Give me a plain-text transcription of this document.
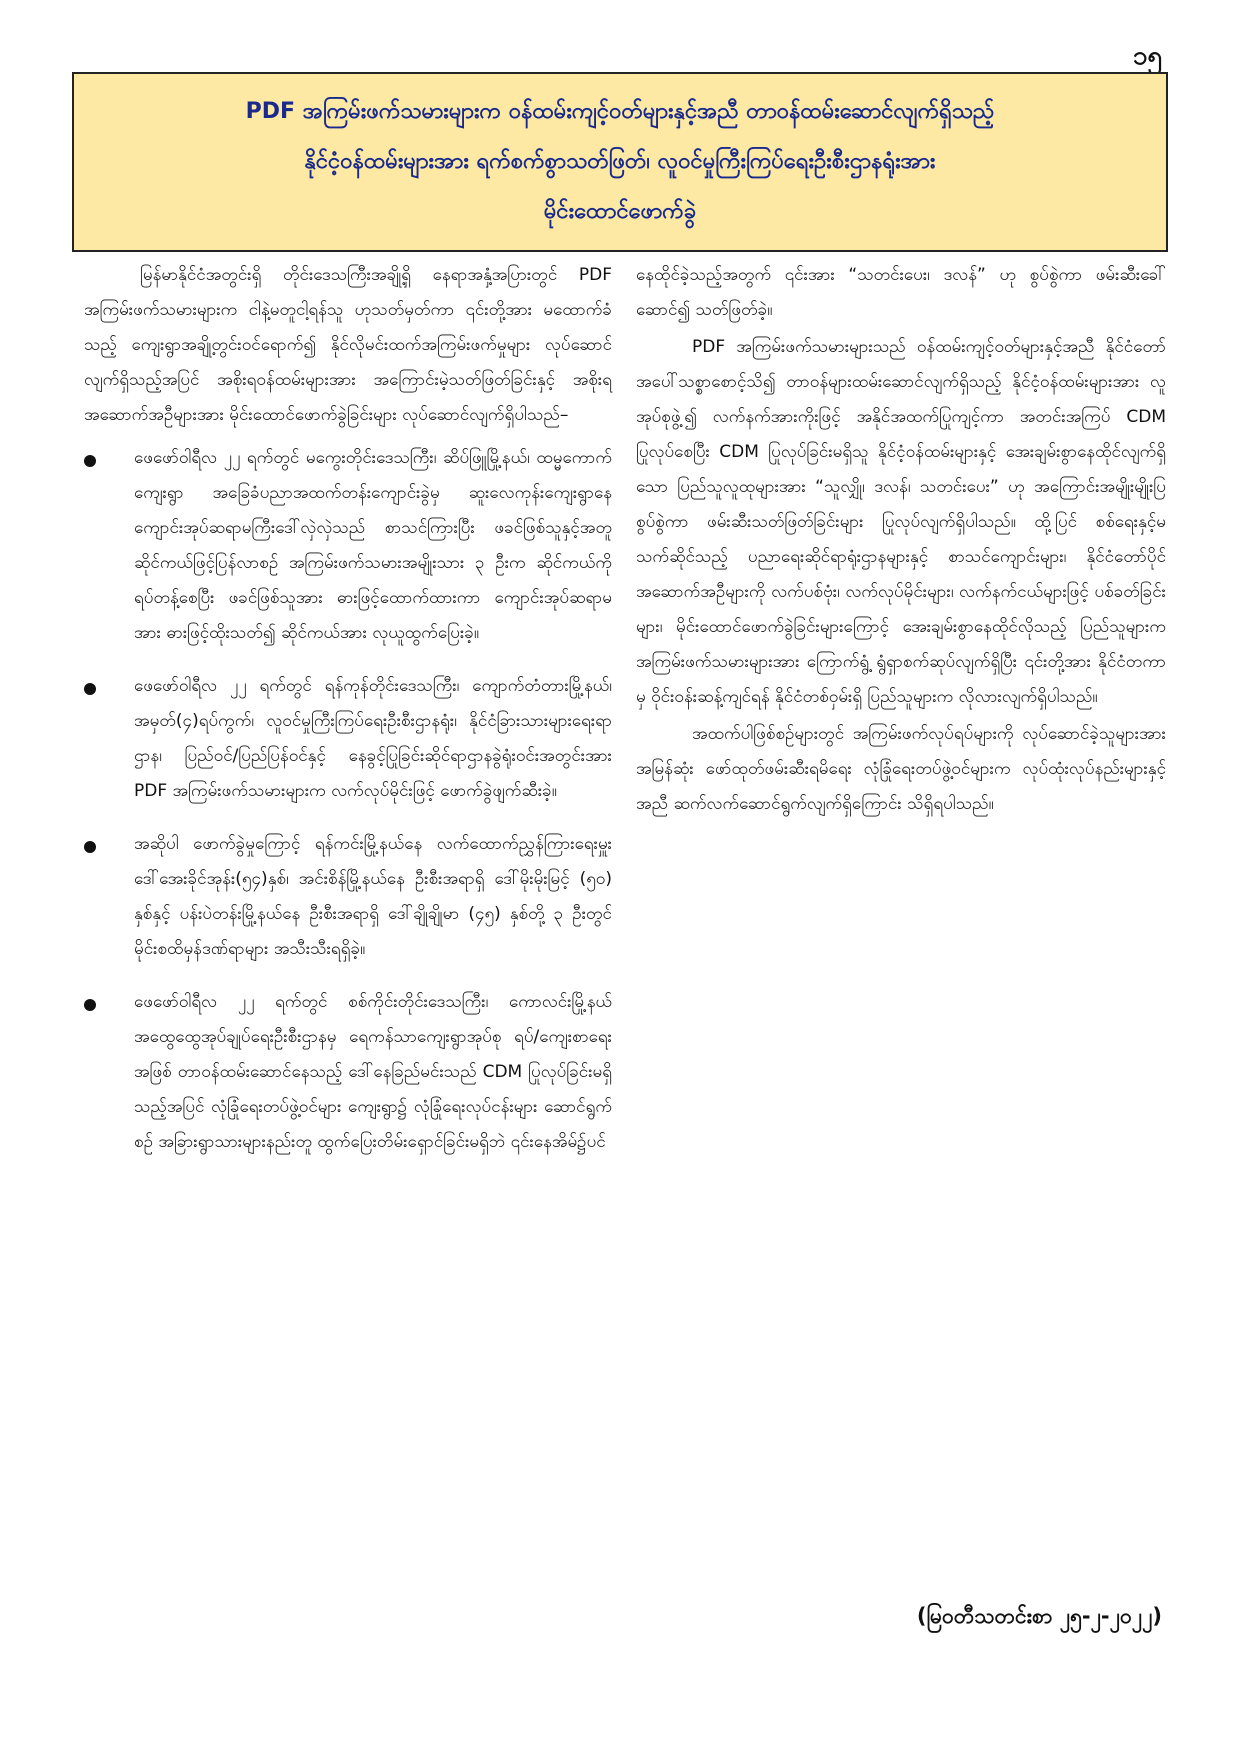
၁၅
PDF အကြမ်းဖက်သမားများက ဝန်ထမ်းကျင့်ဝတ်များနှင့်အညီ တာဝန်ထမ်းဆောင်လျက်ရှိသည့်
နိုင်ငံ့ဝန်ထမ်းများအား ရက်စက်စွာသတ်ဖြတ်၊ လူဝင်မှုကြီးကြပ်ရေးဦးစီးဌာနရုံးအား
မိုင်းထောင်ဖောက်ခွဲ

မြန်မာနိုင်ငံအတွင်းရှိ တိုင်းဒေသကြီးအချို့ရှိ နေရာအနှံ့အပြားတွင် PDF အကြမ်းဖက်သမားများက ငါနဲ့မတူငါ့ရန်သူ ဟုသတ်မှတ်ကာ ၎င်းတို့အား မထောက်ခံသည့် ကျေးရွာအချို့တွင်းဝင်ရောက်၍ နိုင်လိုမင်းထက်အကြမ်းဖက်မှုများ လုပ်ဆောင်လျက်ရှိသည့်အပြင် အစိုးရဝန်ထမ်းများအား အကြောင်းမဲ့သတ်ဖြတ်ခြင်းနှင့် အစိုးရအဆောက်အဦများအား မိုင်းထောင်ဖောက်ခွဲခြင်းများ လုပ်ဆောင်လျက်ရှိပါသည်–

ဖေဖော်ဝါရီလ ၂၂ ရက်တွင် မကွေးတိုင်းဒေသကြီး၊ ဆိပ်ဖြူမြို့နယ်၊ ထမ္မကောက်ကျေးရွာ အခြေခံပညာအထက်တန်းကျောင်းခွဲမှ ဆူးလေကုန်းကျေးရွာနေ ကျောင်းအုပ်ဆရာမကြီးဒေါ်လှဲလှဲသည် စာသင်ကြားပြီး ဖခင်ဖြစ်သူနှင့်အတူ ဆိုင်ကယ်ဖြင့်ပြန်လာစဉ် အကြမ်းဖက်သမားအမျိုးသား ၃ ဦးက ဆိုင်ကယ်ကို ရပ်တန့်စေပြီး ဖခင်ဖြစ်သူအား ဓားဖြင့်ထောက်ထားကာ ကျောင်းအုပ်ဆရာမအား ဓားဖြင့်ထိုးသတ်၍ ဆိုင်ကယ်အား လုယူထွက်ပြေးခဲ့။
ဖေဖော်ဝါရီလ ၂၂ ရက်တွင် ရန်ကုန်တိုင်းဒေသကြီး၊ ကျောက်တံတားမြို့နယ်၊ အမှတ်(၄)ရပ်ကွက်၊ လူဝင်မှုကြီးကြပ်ရေးဦးစီးဌာနရုံး၊ နိုင်ငံခြားသားများရေးရာဌာန၊ ပြည်ဝင်/ပြည်ပြန်ဝင်နှင့် နေခွင့်ပြုခြင်းဆိုင်ရာဌာနခွဲရုံးဝင်းအတွင်းအား PDF အကြမ်းဖက်သမားများက လက်လုပ်မိုင်းဖြင့် ဖောက်ခွဲဖျက်ဆီးခဲ့။
အဆိုပါ ဖောက်ခွဲမှုကြောင့် ရန်ကင်းမြို့နယ်နေ လက်ထောက်ညွှန်ကြားရေးမှူး ဒေါ်အေးခိုင်အုန်း(၅၄)နှစ်၊ အင်းစိန်မြို့နယ်နေ ဦးစီးအရာရှိ ဒေါ်မိုးမိုးမြင့် (၅၀) နှစ်နှင့် ပန်းပဲတန်းမြို့နယ်နေ ဦးစီးအရာရှိ ဒေါ်ချိုချိုမာ (၄၅) နှစ်တို့ ၃ ဦးတွင် မိုင်းစထိမှန်ဒဏ်ရာများ အသီးသီးရရှိခဲ့။
ဖေဖော်ဝါရီလ ၂၂ ရက်တွင် စစ်ကိုင်းတိုင်းဒေသကြီး၊ ကောလင်းမြို့နယ် အထွေထွေအုပ်ချုပ်ရေးဦးစီးဌာနမှ ရေကန်သာကျေးရွာအုပ်စု ရပ်/ကျေးစာရေးအဖြစ် တာဝန်ထမ်းဆောင်နေသည့် ဒေါ်နေခြည်မင်းသည် CDM ပြုလုပ်ခြင်းမရှိသည့်အပြင် လုံခြုံရေးတပ်ဖွဲ့ဝင်များ ကျေးရွာ၌ လုံခြုံရေးလုပ်ငန်းများ ဆောင်ရွက်စဉ် အခြားရွာသားများနည်းတူ ထွက်ပြေးတိမ်းရှောင်ခြင်းမရှိဘဲ ၎င်းနေအိမ်၌ပင်

နေထိုင်ခဲ့သည့်အတွက် ၎င်းအား “သတင်းပေး၊ ဒလန်” ဟု စွပ်စွဲကာ ဖမ်းဆီးခေါ်ဆောင်၍ သတ်ဖြတ်ခဲ့။

PDF အကြမ်းဖက်သမားများသည် ဝန်ထမ်းကျင့်ဝတ်များနှင့်အညီ နိုင်ငံတော်အပေါ်သစ္စာစောင့်သိ၍ တာဝန်များထမ်းဆောင်လျက်ရှိသည့် နိုင်ငံ့ဝန်ထမ်းများအား လူအုပ်စုဖွဲ့၍ လက်နက်အားကိုးဖြင့် အနိုင်အထက်ပြုကျင့်ကာ အတင်းအကြပ် CDM ပြုလုပ်စေပြီး CDM ပြုလုပ်ခြင်းမရှိသူ နိုင်ငံ့ဝန်ထမ်းများနှင့် အေးချမ်းစွာနေထိုင်လျက်ရှိသော ပြည်သူလူထုများအား “သူလျှို၊ ဒလန်၊ သတင်းပေး” ဟု အကြောင်းအမျိုးမျိုးပြ စွပ်စွဲကာ ဖမ်းဆီးသတ်ဖြတ်ခြင်းများ ပြုလုပ်လျက်ရှိပါသည်။ ထို့ပြင် စစ်ရေးနှင့်မသက်ဆိုင်သည့် ပညာရေးဆိုင်ရာရုံးဌာနများနှင့် စာသင်ကျောင်းများ၊ နိုင်ငံတော်ပိုင်အဆောက်အဦများကို လက်ပစ်ဗုံး၊ လက်လုပ်မိုင်းများ၊ လက်နက်ငယ်များဖြင့် ပစ်ခတ်ခြင်းများ၊ မိုင်းထောင်ဖောက်ခွဲခြင်းများကြောင့် အေးချမ်းစွာနေထိုင်လိုသည့် ပြည်သူများက အကြမ်းဖက်သမားများအား ကြောက်ရွံ့ ရွံရှာစက်ဆုပ်လျက်ရှိပြီး ၎င်းတို့အား နိုင်ငံတကာမှ ဝိုင်းဝန်းဆန့်ကျင်ရန် နိုင်ငံတစ်ဝှမ်းရှိ ပြည်သူများက လိုလားလျက်ရှိပါသည်။

အထက်ပါဖြစ်စဉ်များတွင် အကြမ်းဖက်လုပ်ရပ်များကို လုပ်ဆောင်ခဲ့သူများအား အမြန်ဆုံး ဖော်ထုတ်ဖမ်းဆီးရမိရေး လုံခြုံရေးတပ်ဖွဲ့ဝင်များက လုပ်ထုံးလုပ်နည်းများနှင့်အညီ ဆက်လက်ဆောင်ရွက်လျက်ရှိကြောင်း သိရှိရပါသည်။

(မြဝတီသတင်းစာ ၂၅-၂-၂၀၂၂)
